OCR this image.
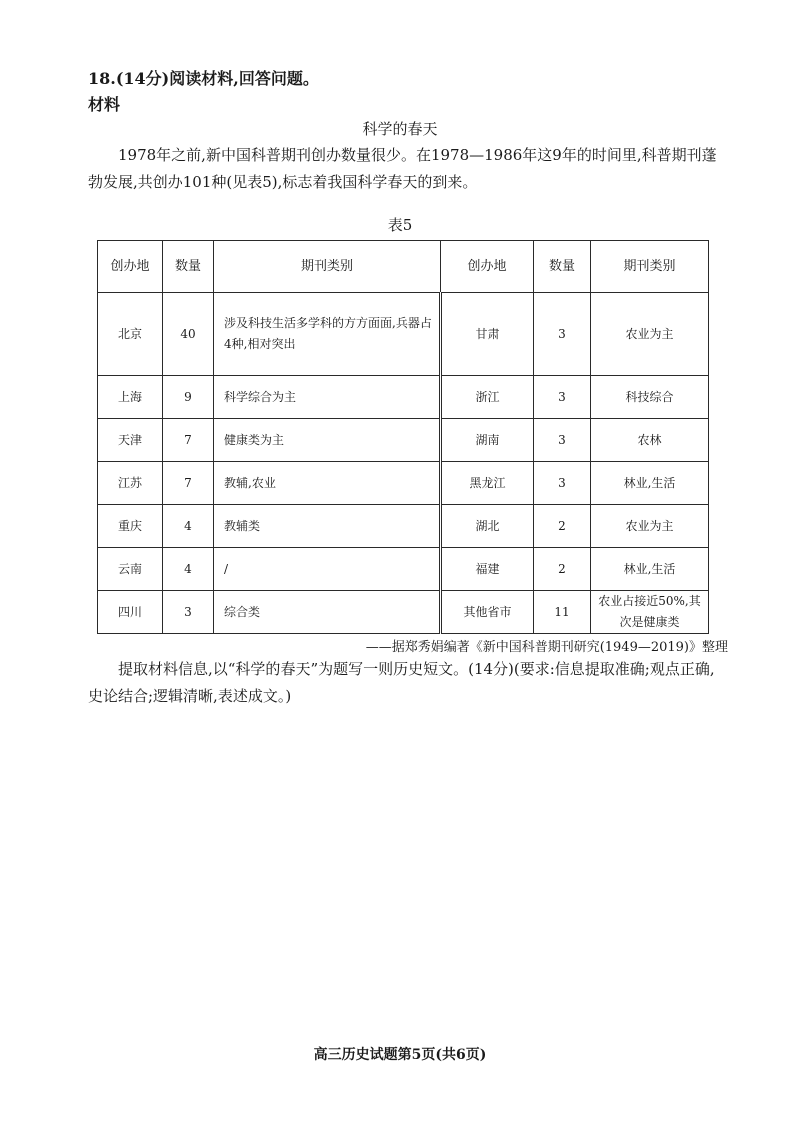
18.(14分)阅读材料,回答问题。
材料
科学的春天
1978年之前,新中国科普期刊创办数量很少。在1978—1986年这9年的时间里,科普期刊蓬勃发展,共创办101种(见表5),标志着我国科学春天的到来。
表5
创办地	数量	期刊类别	创办地	数量	期刊类别
北京	40	涉及科技生活多学科的方方面面,兵器占4种,相对突出	甘肃	3	农业为主
上海	9	科学综合为主	浙江	3	科技综合
天津	7	健康类为主	湖南	3	农林
江苏	7	教辅,农业	黑龙江	3	林业,生活
重庆	4	教辅类	湖北	2	农业为主
云南	4	/	福建	2	林业,生活
四川	3	综合类	其他省市	11	农业占接近50%,其次是健康类
——据郑秀娟编著《新中国科普期刊研究(1949—2019)》整理
提取材料信息,以“科学的春天”为题写一则历史短文。(14分)(要求:信息提取准确;观点正确,史论结合;逻辑清晰,表述成文。)
高三历史试题第5页(共6页)
